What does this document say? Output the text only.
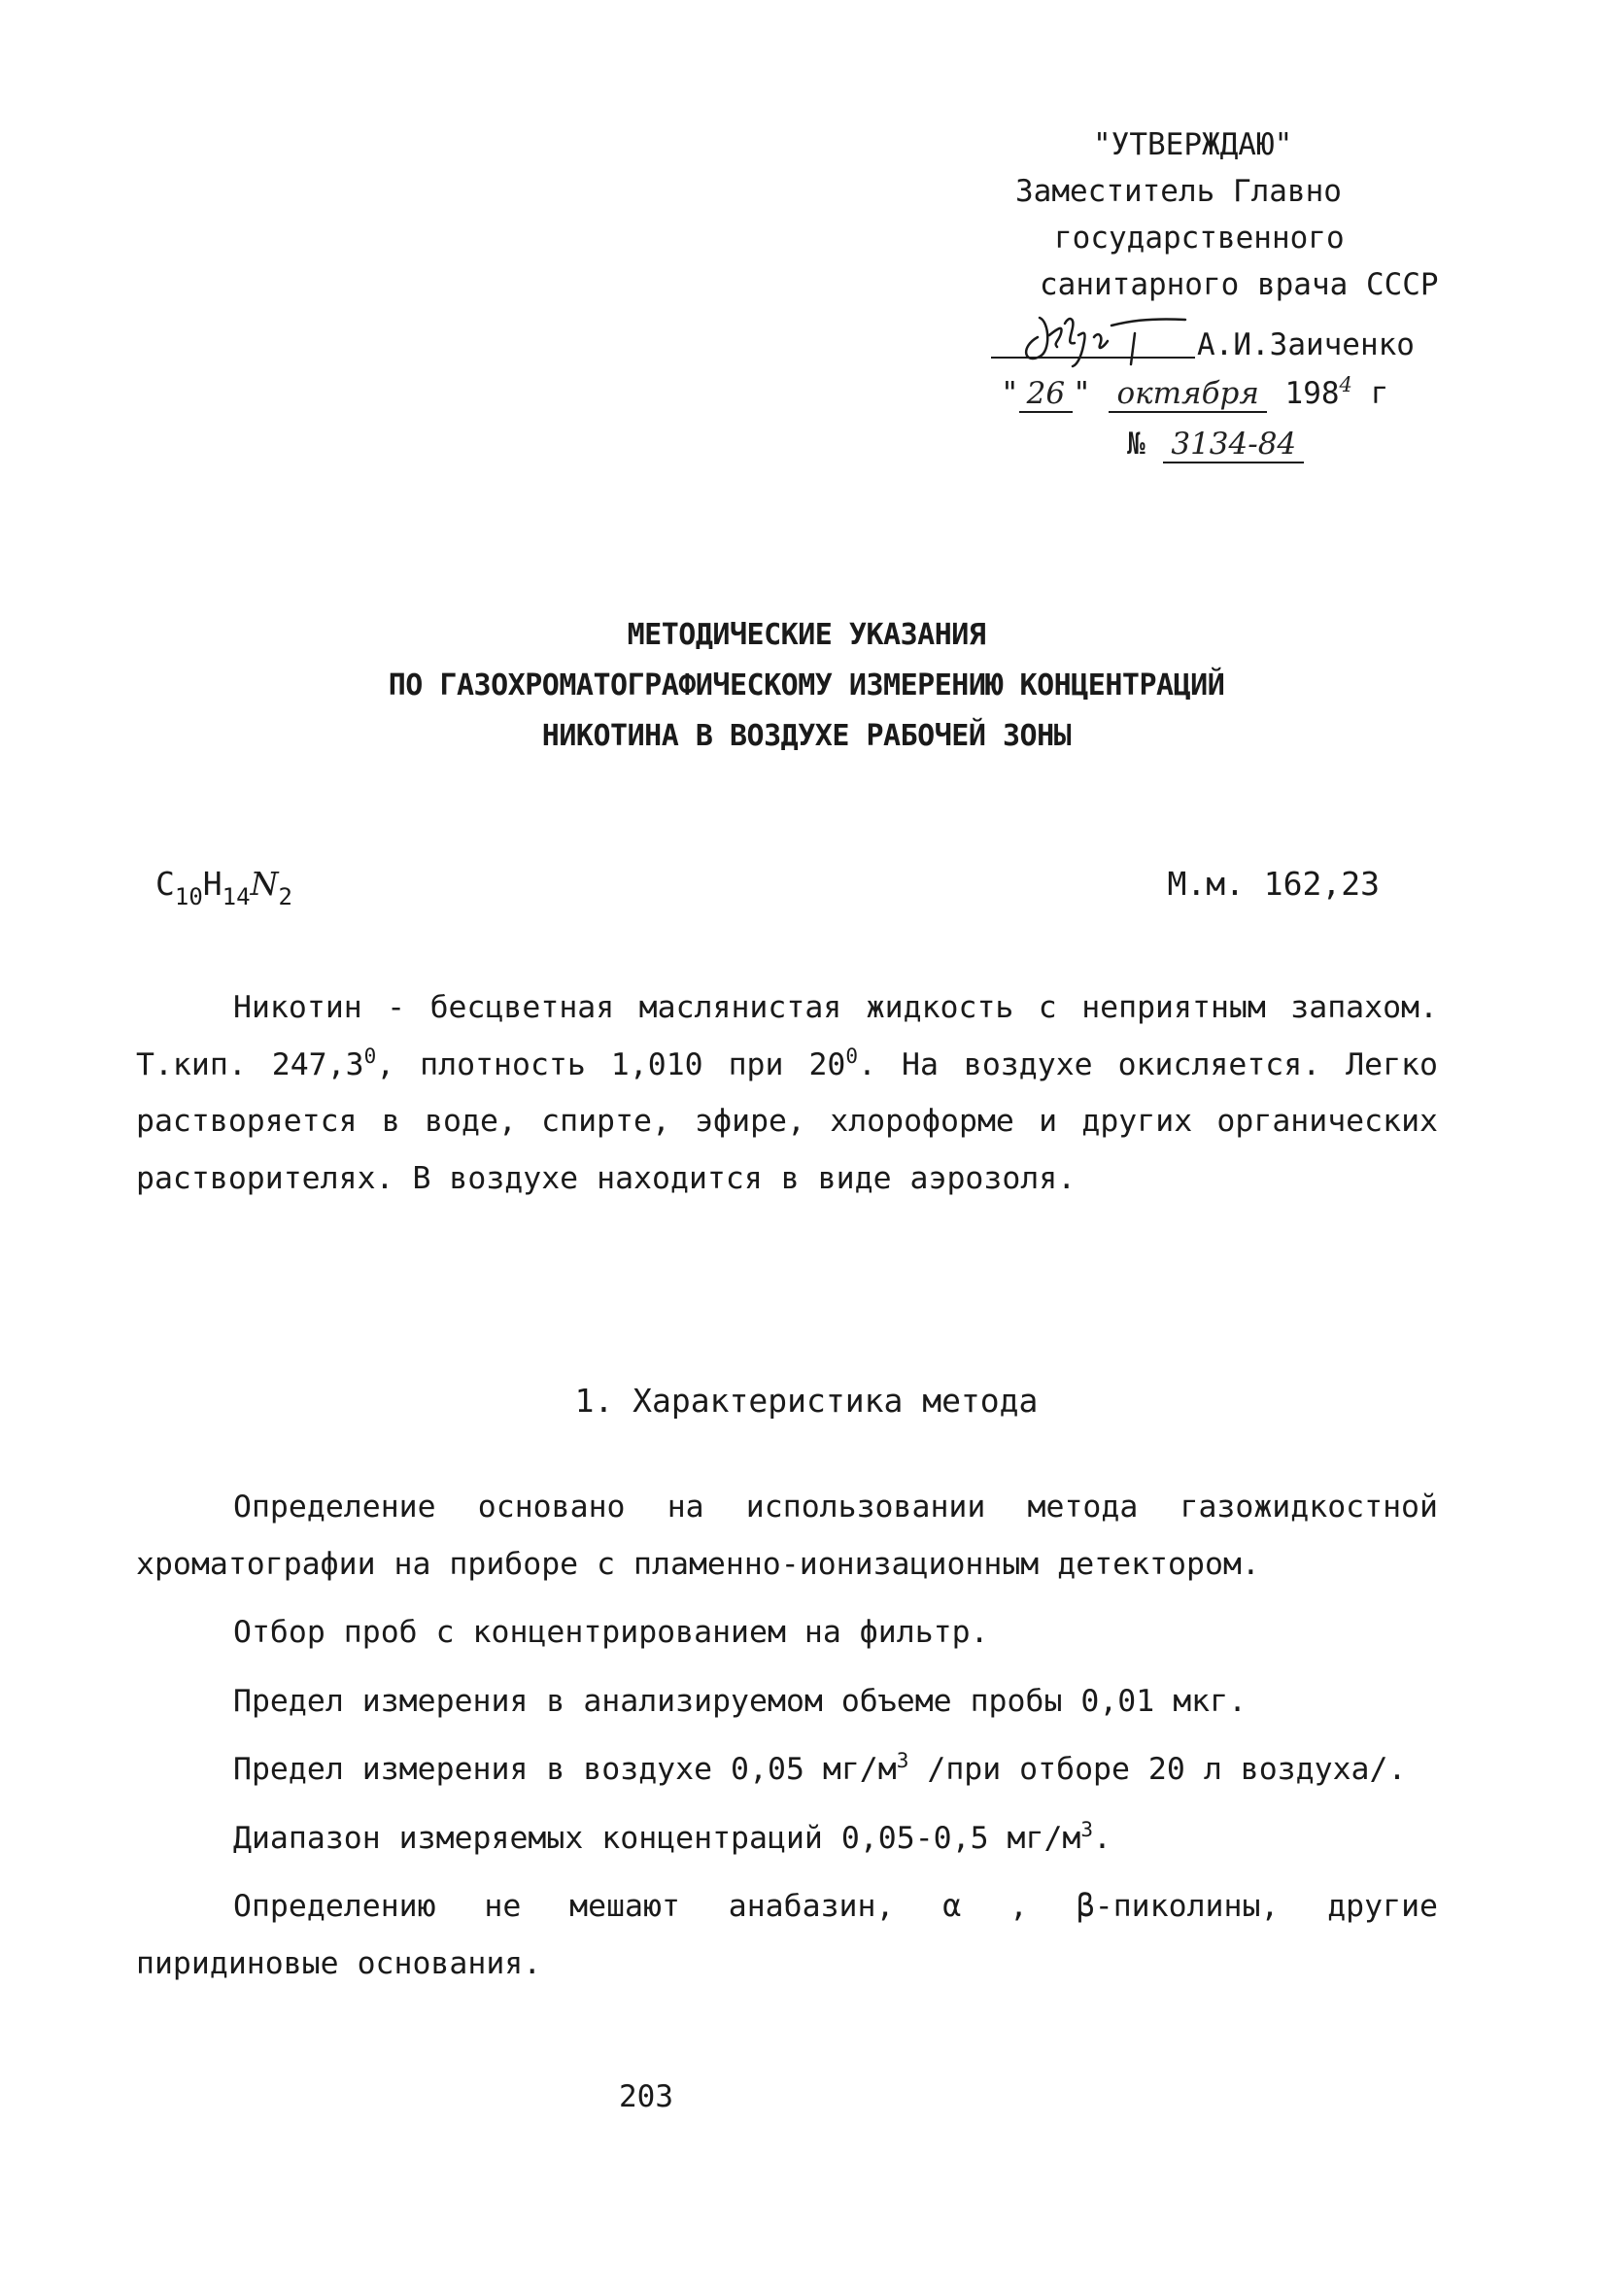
"УТВЕРЖДАЮ"
Заместитель Главно
государственного
санитарного врача СССР
А.И.Заиченко
" 26 " октября $198^4$ г
№ 3134-84
МЕТОДИЧЕСКИЕ УКАЗАНИЯ
ПО ГАЗОХРОМАТОГРАФИЧЕСКОМУ ИЗМЕРЕНИЮ КОНЦЕНТРАЦИЙ
НИКОТИНА В ВОЗДУХЕ РАБОЧЕЙ ЗОНЫ
$C_{10}H_{14}N_2$	М.м. 162,23

Никотин - бесцветная маслянистая жидкость с неприятным запахом. Т.кип. 247,3$^0$, плотность 1,010 при $20^0$. На воздухе окисляется. Легко растворяется в воде, спирте, эфире, хлороформе и других органических растворителях. В воздухе находится в виде аэрозоля.

1. Характеристика метода

Определение основано на использовании метода газожидкостной хроматографии на приборе с пламенно-ионизационным детектором.

Отбор проб с концентрированием на фильтр.

Предел измерения в анализируемом объеме пробы 0,01 мкг.

Предел измерения в воздухе 0,05 $мг/м^3$ /при отборе 20 л воздуха/.

Диапазон измеряемых концентраций 0,05-0,5 $мг/м^3$.

Определению не мешают анабазин, α , β-пиколины, другие пиридиновые основания.

203
